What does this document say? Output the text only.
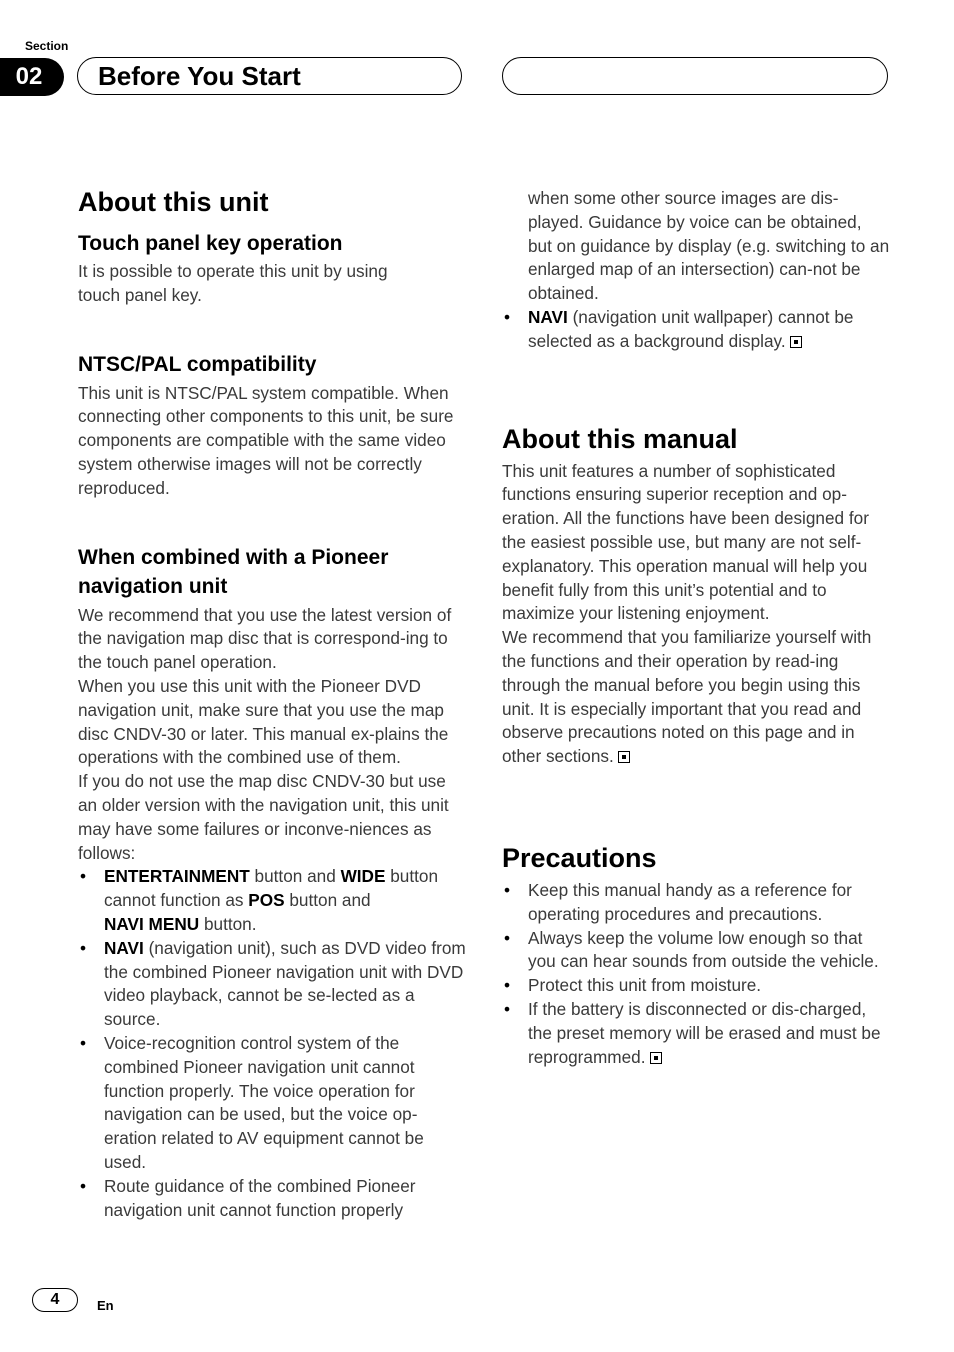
Section
02	Before You Start
About this unit
Touch panel key operation

It is possible to operate this unit by using touch panel key.

NTSC/PAL compatibility

This unit is NTSC/PAL system compatible. When connecting other components to this unit, be sure components are compatible with the same video system otherwise images will not be correctly reproduced.

When combined with a Pioneer navigation unit

We recommend that you use the latest version of the navigation map disc that is correspond-ing to the touch panel operation.

When you use this unit with the Pioneer DVD navigation unit, make sure that you use the map disc CNDV-30 or later. This manual ex-plains the operations with the combined use of them.

If you do not use the map disc CNDV-30 but use an older version with the navigation unit, this unit may have some failures or inconve-niences as follows:

• ENTERTAINMENT button and WIDE button cannot function as POS button and
NAVI MENU button.
• NAVI (navigation unit), such as DVD video from the combined Pioneer navigation unit with DVD video playback, cannot be se-lected as a source.
• Voice-recognition control system of the combined Pioneer navigation unit cannot function properly. The voice operation for navigation can be used, but the voice op-eration related to AV equipment cannot be used.
• Route guidance of the combined Pioneer navigation unit cannot function properly

when some other source images are dis-played. Guidance by voice can be obtained, but on guidance by display (e.g. switching to an enlarged map of an intersection) can-not be obtained.

• NAVI (navigation unit wallpaper) cannot be selected as a background display.
About this manual

This unit features a number of sophisticated functions ensuring superior reception and op-eration. All the functions have been designed for the easiest possible use, but many are not self-explanatory. This operation manual will help you benefit fully from this unit’s potential and to maximize your listening enjoyment.

We recommend that you familiarize yourself with the functions and their operation by read-ing through the manual before you begin using this unit. It is especially important that you read and observe precautions noted on this page and in other sections.

Precautions
• Keep this manual handy as a reference for operating procedures and precautions.
• Always keep the volume low enough so that you can hear sounds from outside the vehicle.
• Protect this unit from moisture.
• If the battery is disconnected or dis-charged, the preset memory will be erased and must be reprogrammed.
4	En
